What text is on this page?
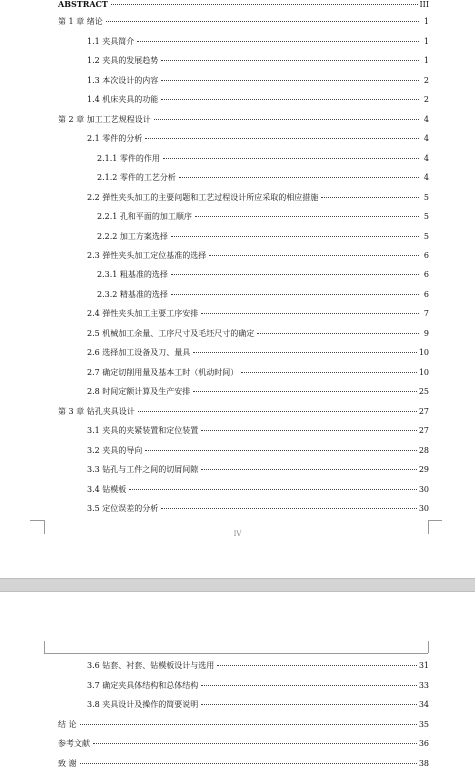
ABSTRACT	III
第 1 章 绪论	1
1.1 夹具简介	1
1.2 夹具的发展趋势	1
1.3 本次设计的内容	2
1.4 机床夹具的功能	2
第 2 章 加工工艺规程设计	4
2.1 零件的分析	4
2.1.1 零件的作用	4
2.1.2 零件的工艺分析	4
2.2 弹性夹头加工的主要问题和工艺过程设计所应采取的相应措施	5
2.2.1 孔和平面的加工顺序	5
2.2.2 加工方案选择	5
2.3 弹性夹头加工定位基准的选择	6
2.3.1 粗基准的选择	6
2.3.2 精基准的选择	6
2.4 弹性夹头加工主要工序安排	7
2.5 机械加工余量、工序尺寸及毛坯尺寸的确定	9
2.6 选择加工设备及刀、量具	10
2.7 确定切削用量及基本工时（机动时间）	10
2.8 时间定额计算及生产安排	25
第 3 章 钻孔夹具设计	27
3.1 夹具的夹紧装置和定位装置	27
3.2 夹具的导向	28
3.3 钻孔与工件之间的切屑间隙	29
3.4 钻模板	30
3.5 定位误差的分析	30
3.6 钻套、衬套、钻模板设计与选用	31
3.7 确定夹具体结构和总体结构	33
3.8 夹具设计及操作的简要说明	34
结 论	35
参考文献	36
致 谢	38
IV
